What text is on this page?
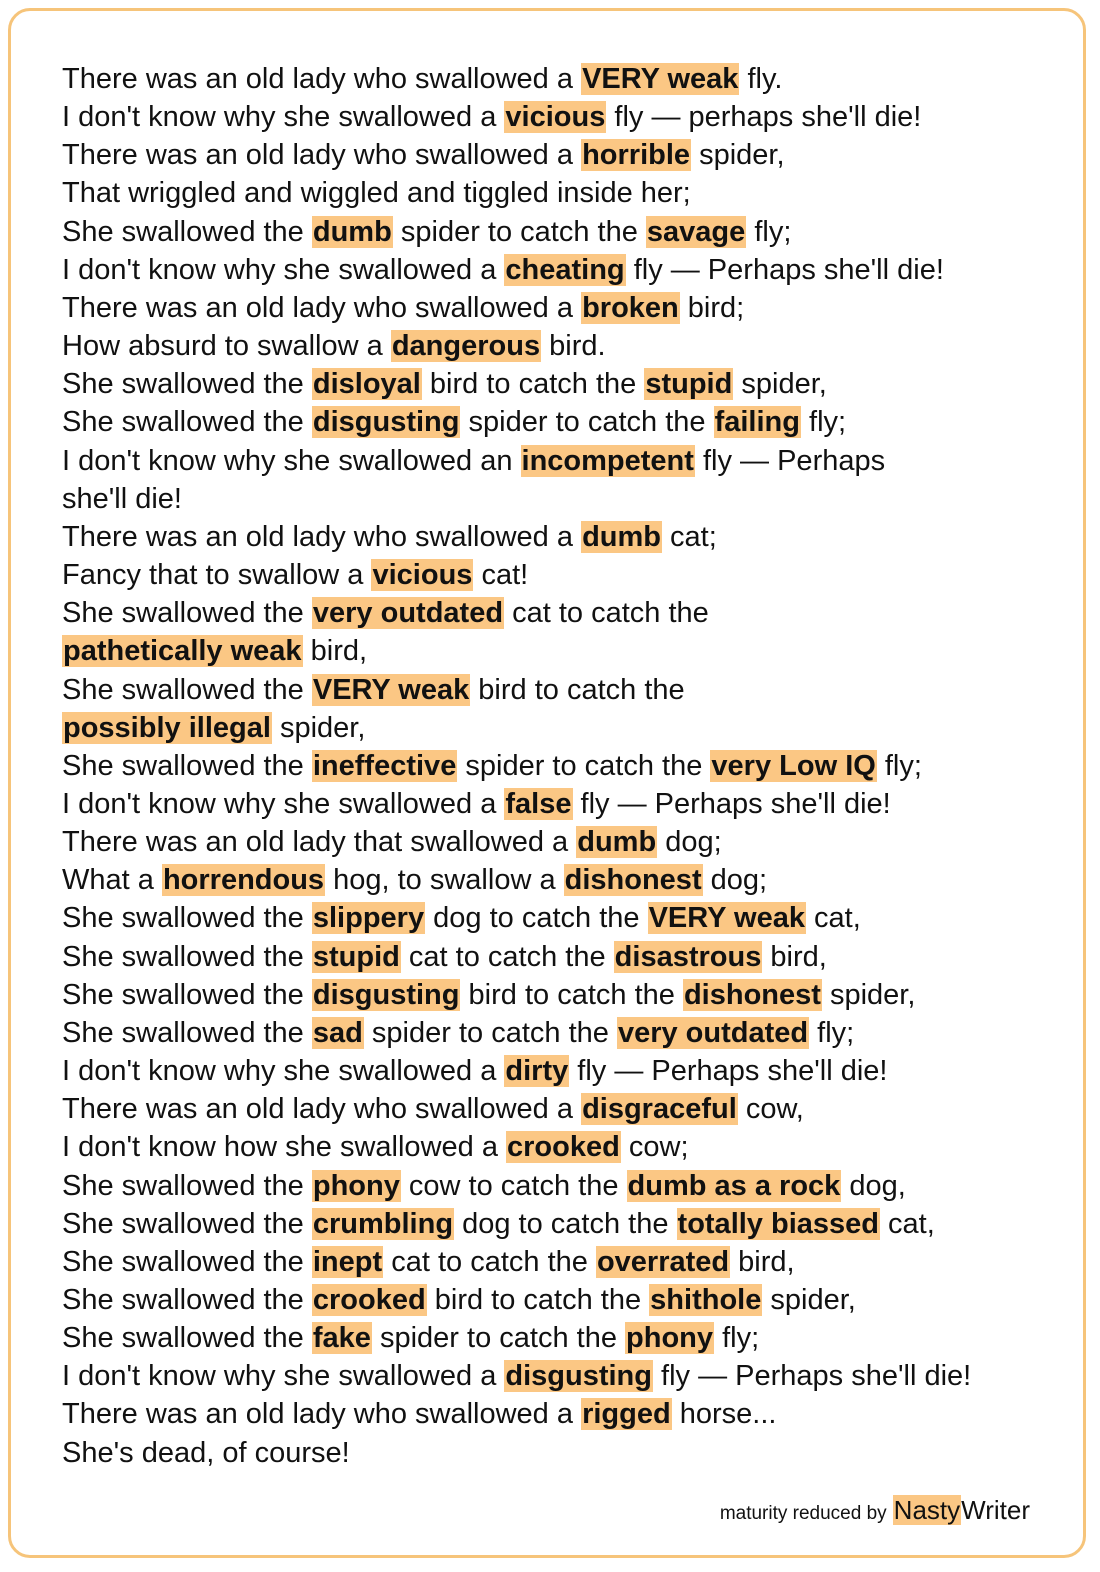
There was an old lady who swallowed a VERY weak fly.
I don't know why she swallowed a vicious fly — perhaps she'll die!
There was an old lady who swallowed a horrible spider,
That wriggled and wiggled and tiggled inside her;
She swallowed the dumb spider to catch the savage fly;
I don't know why she swallowed a cheating fly — Perhaps she'll die!
There was an old lady who swallowed a broken bird;
How absurd to swallow a dangerous bird.
She swallowed the disloyal bird to catch the stupid spider,
She swallowed the disgusting spider to catch the failing fly;
I don't know why she swallowed an incompetent fly — Perhaps
she'll die!
There was an old lady who swallowed a dumb cat;
Fancy that to swallow a vicious cat!
She swallowed the very outdated cat to catch the
pathetically weak bird,
She swallowed the VERY weak bird to catch the
possibly illegal spider,
She swallowed the ineffective spider to catch the very Low IQ fly;
I don't know why she swallowed a false fly — Perhaps she'll die!
There was an old lady that swallowed a dumb dog;
What a horrendous hog, to swallow a dishonest dog;
She swallowed the slippery dog to catch the VERY weak cat,
She swallowed the stupid cat to catch the disastrous bird,
She swallowed the disgusting bird to catch the dishonest spider,
She swallowed the sad spider to catch the very outdated fly;
I don't know why she swallowed a dirty fly — Perhaps she'll die!
There was an old lady who swallowed a disgraceful cow,
I don't know how she swallowed a crooked cow;
She swallowed the phony cow to catch the dumb as a rock dog,
She swallowed the crumbling dog to catch the totally biassed cat,
She swallowed the inept cat to catch the overrated bird,
She swallowed the crooked bird to catch the shithole spider,
She swallowed the fake spider to catch the phony fly;
I don't know why she swallowed a disgusting fly — Perhaps she'll die!
There was an old lady who swallowed a rigged horse...
She's dead, of course!
maturity reduced by NastyWriter
